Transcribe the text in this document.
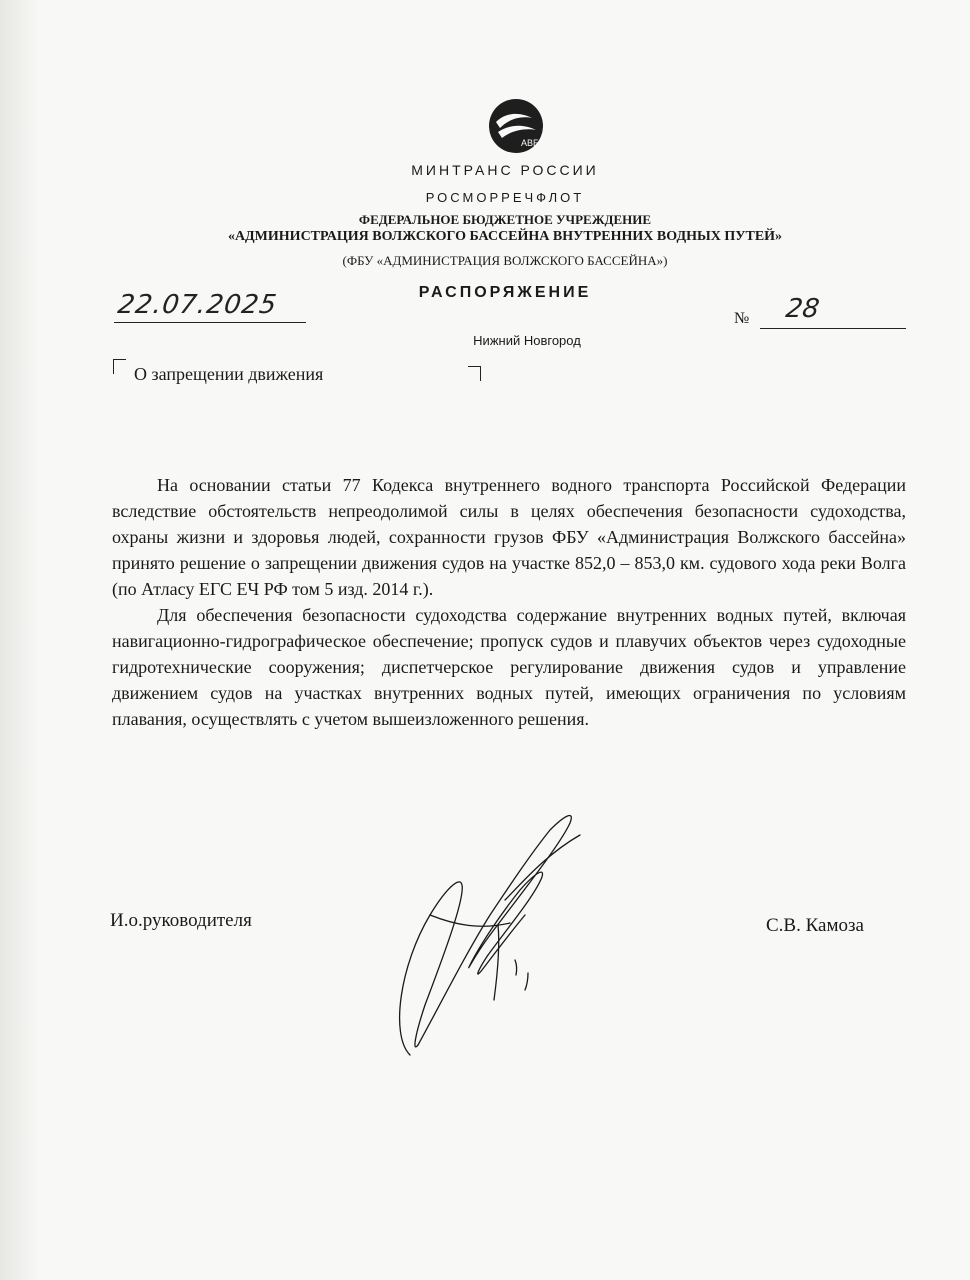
АВБ
МИНТРАНС РОССИИ
РОСМОРРЕЧФЛОТ
ФЕДЕРАЛЬНОЕ БЮДЖЕТНОЕ УЧРЕЖДЕНИЕ
«АДМИНИСТРАЦИЯ ВОЛЖСКОГО БАССЕЙНА ВНУТРЕННИХ ВОДНЫХ ПУТЕЙ»
(ФБУ «АДМИНИСТРАЦИЯ ВОЛЖСКОГО БАССЕЙНА»)
РАСПОРЯЖЕНИЕ
22.07.2025	№ 28
Нижний Новгород
О запрещении движения

На основании статьи 77 Кодекса внутреннего водного транспорта Российской Федерации вследствие обстоятельств непреодолимой силы в целях обеспечения безопасности судоходства, охраны жизни и здоровья людей, сохранности грузов ФБУ «Администрация Волжского бассейна» принято решение о запрещении движения судов на участке 852,0 – 853,0 км. судового хода реки Волга (по Атласу ЕГС ЕЧ РФ том 5 изд. 2014 г.).

Для обеспечения безопасности судоходства содержание внутренних водных путей, включая навигационно-гидрографическое обеспечение; пропуск судов и плавучих объектов через судоходные гидротехнические сооружения; диспетчерское регулирование движения судов и управление движением судов на участках внутренних водных путей, имеющих ограничения по условиям плавания, осуществлять с учетом вышеизложенного решения.

И.о.руководителя	С.В. Камоза
